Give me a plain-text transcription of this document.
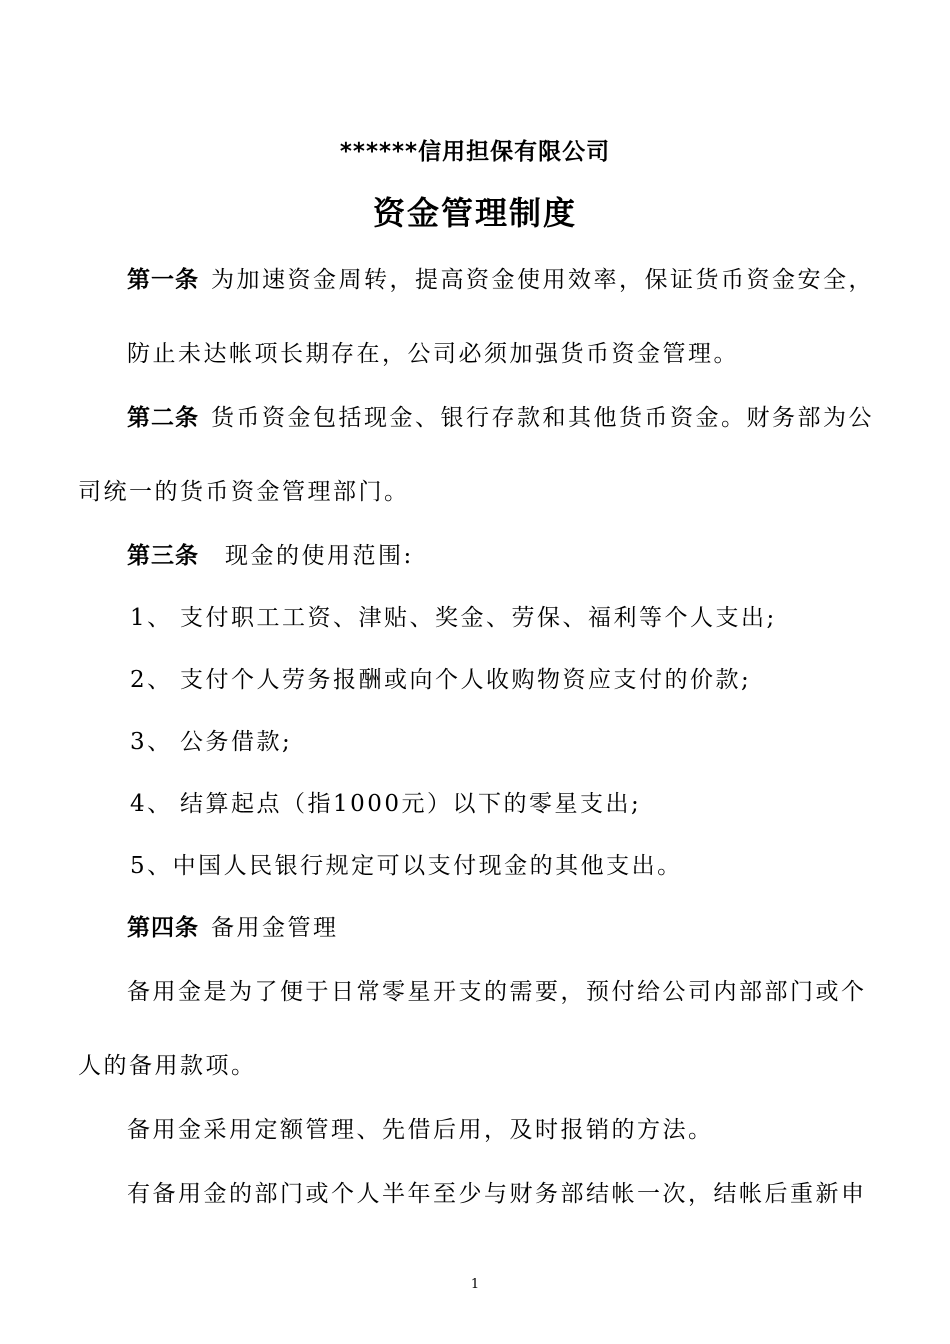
******信用担保有限公司
资金管理制度
第一条 为加速资金周转，提高资金使用效率，保证货币资金安全，
防止未达帐项长期存在，公司必须加强货币资金管理。
第二条 货币资金包括现金、银行存款和其他货币资金。财务部为公
司统一的货币资金管理部门。
第三条 现金的使用范围:
1、 支付职工工资、津贴、奖金、劳保、福利等个人支出;
2、 支付个人劳务报酬或向个人收购物资应支付的价款;
3、 公务借款;
4、 结算起点（指1000元）以下的零星支出;
5、中国人民银行规定可以支付现金的其他支出。
第四条 备用金管理
备用金是为了便于日常零星开支的需要，预付给公司内部部门或个
人的备用款项。
备用金采用定额管理、先借后用，及时报销的方法。
有备用金的部门或个人半年至少与财务部结帐一次，结帐后重新申
1
